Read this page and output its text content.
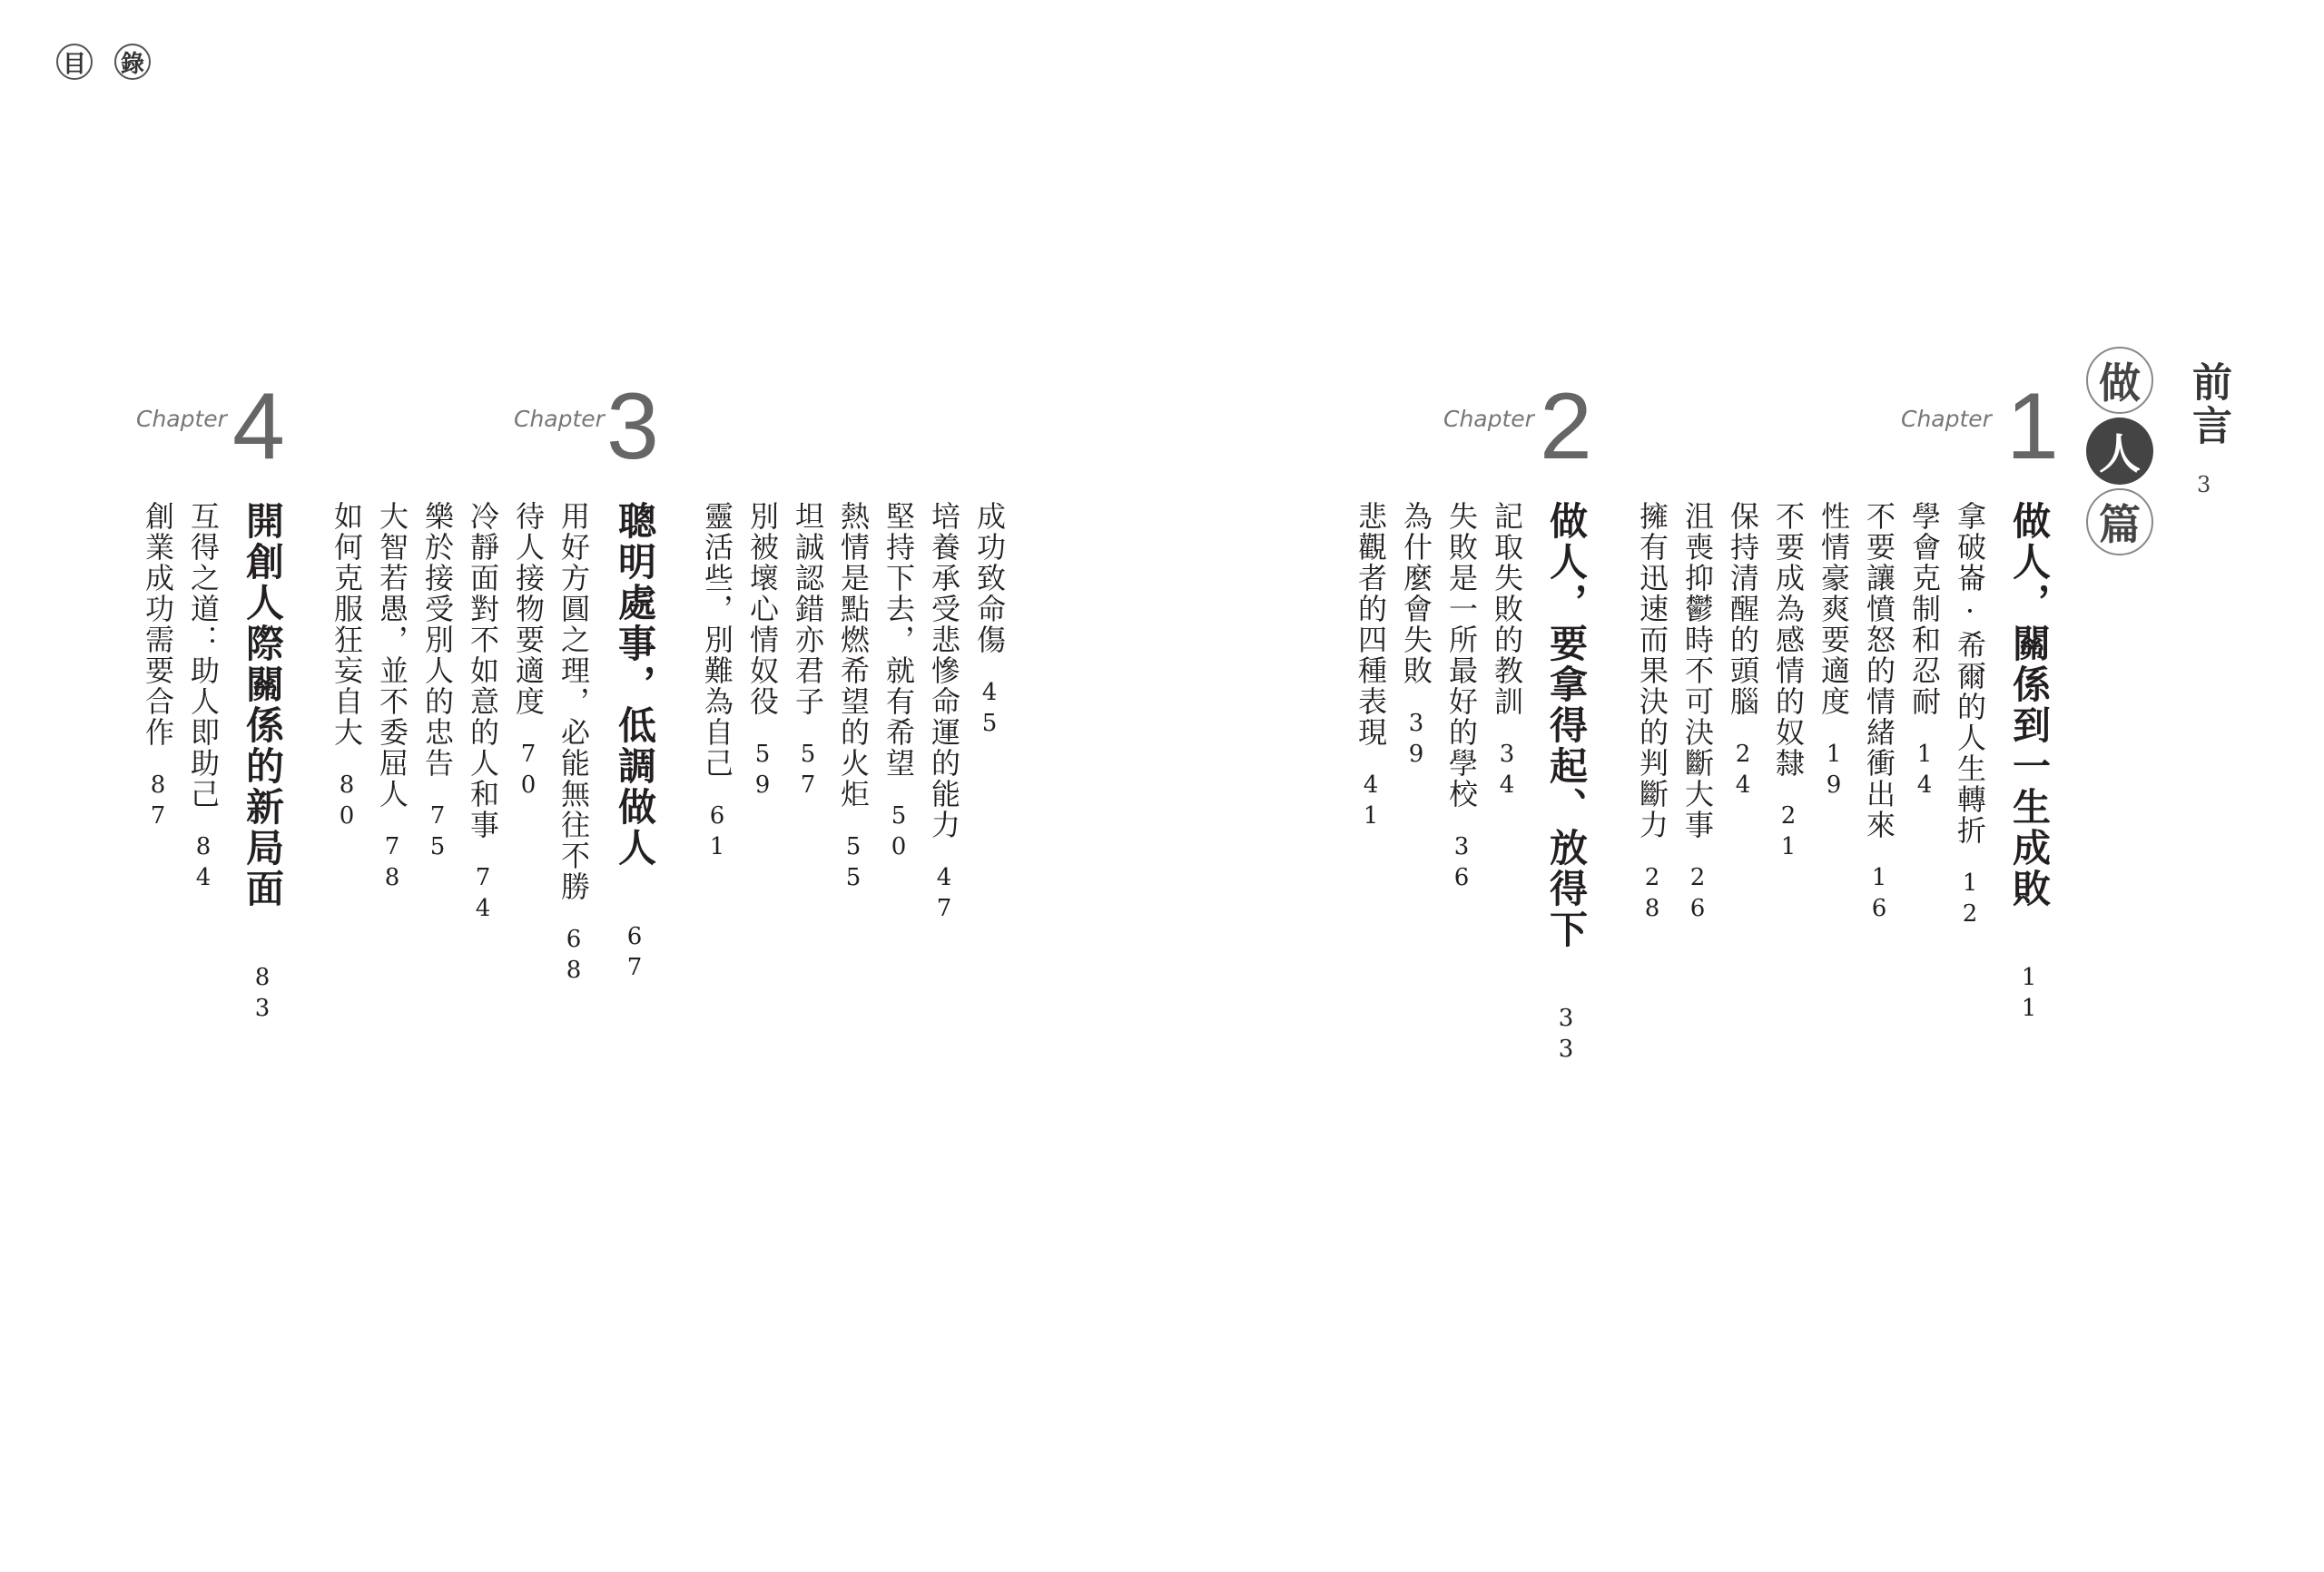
目 錄
前言
3
做
人
篇
Chapter 1
做人，關係到一生成敗11
拿破崙·希爾的人生轉折12
學會克制和忍耐14
不要讓憤怒的情緒衝出來16
性情豪爽要適度19
不要成為感情的奴隸21
保持清醒的頭腦24
沮喪抑鬱時不可決斷大事26
擁有迅速而果決的判斷力28
Chapter 2
做人，要拿得起、放得下33
記取失敗的教訓34
失敗是一所最好的學校36
為什麼會失敗39
悲觀者的四種表現41
成功致命傷45
培養承受悲慘命運的能力47
堅持下去，就有希望50
熱情是點燃希望的火炬55
坦誠認錯亦君子57
別被壞心情奴役59
靈活些，別難為自己61
Chapter 3
聰明處事，低調做人67
用好方圓之理，必能無往不勝68
待人接物要適度70
冷靜面對不如意的人和事74
樂於接受別人的忠告75
大智若愚，並不委屈人78
如何克服狂妄自大80
Chapter 4
開創人際關係的新局面83
互得之道：助人即助己84
創業成功需要合作87
